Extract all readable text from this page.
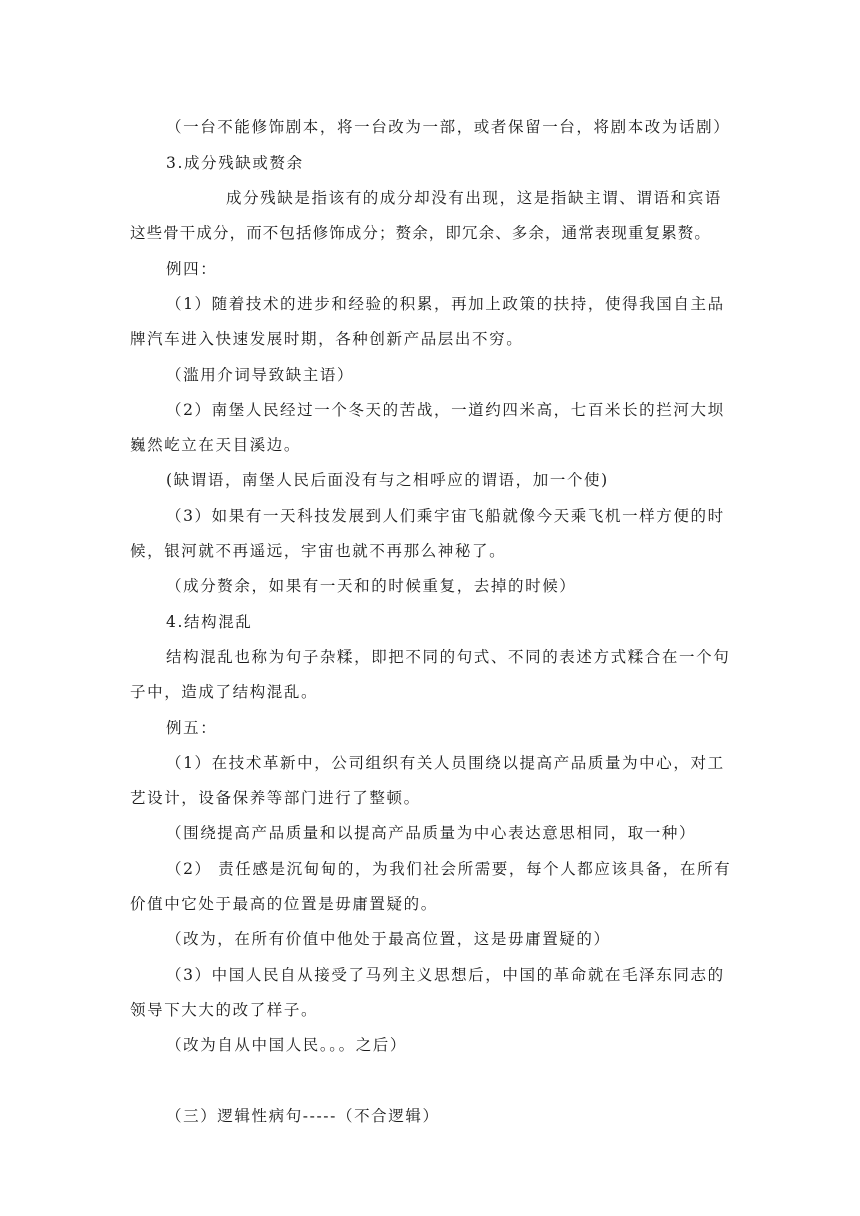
（一台不能修饰剧本，将一台改为一部，或者保留一台，将剧本改为话剧）
3.成分残缺或赘余
成分残缺是指该有的成分却没有出现，这是指缺主谓、谓语和宾语
这些骨干成分，而不包括修饰成分；赘余，即冗余、多余，通常表现重复累赘。
例四：
（1）随着技术的进步和经验的积累，再加上政策的扶持，使得我国自主品
牌汽车进入快速发展时期，各种创新产品层出不穷。
（滥用介词导致缺主语）
（2）南堡人民经过一个冬天的苦战，一道约四米高，七百米长的拦河大坝
巍然屹立在天目溪边。
(缺谓语，南堡人民后面没有与之相呼应的谓语，加一个使)
（3）如果有一天科技发展到人们乘宇宙飞船就像今天乘飞机一样方便的时
候，银河就不再遥远，宇宙也就不再那么神秘了。
（成分赘余，如果有一天和的时候重复，去掉的时候）
4.结构混乱
结构混乱也称为句子杂糅，即把不同的句式、不同的表述方式糅合在一个句
子中，造成了结构混乱。
例五：
（1）在技术革新中，公司组织有关人员围绕以提高产品质量为中心，对工
艺设计，设备保养等部门进行了整顿。
（围绕提高产品质量和以提高产品质量为中心表达意思相同，取一种）
（2） 责任感是沉甸甸的，为我们社会所需要，每个人都应该具备，在所有
价值中它处于最高的位置是毋庸置疑的。
（改为，在所有价值中他处于最高位置，这是毋庸置疑的）
（3）中国人民自从接受了马列主义思想后，中国的革命就在毛泽东同志的
领导下大大的改了样子。
（改为自从中国人民。。。之后）
（三）逻辑性病句-----（不合逻辑）
